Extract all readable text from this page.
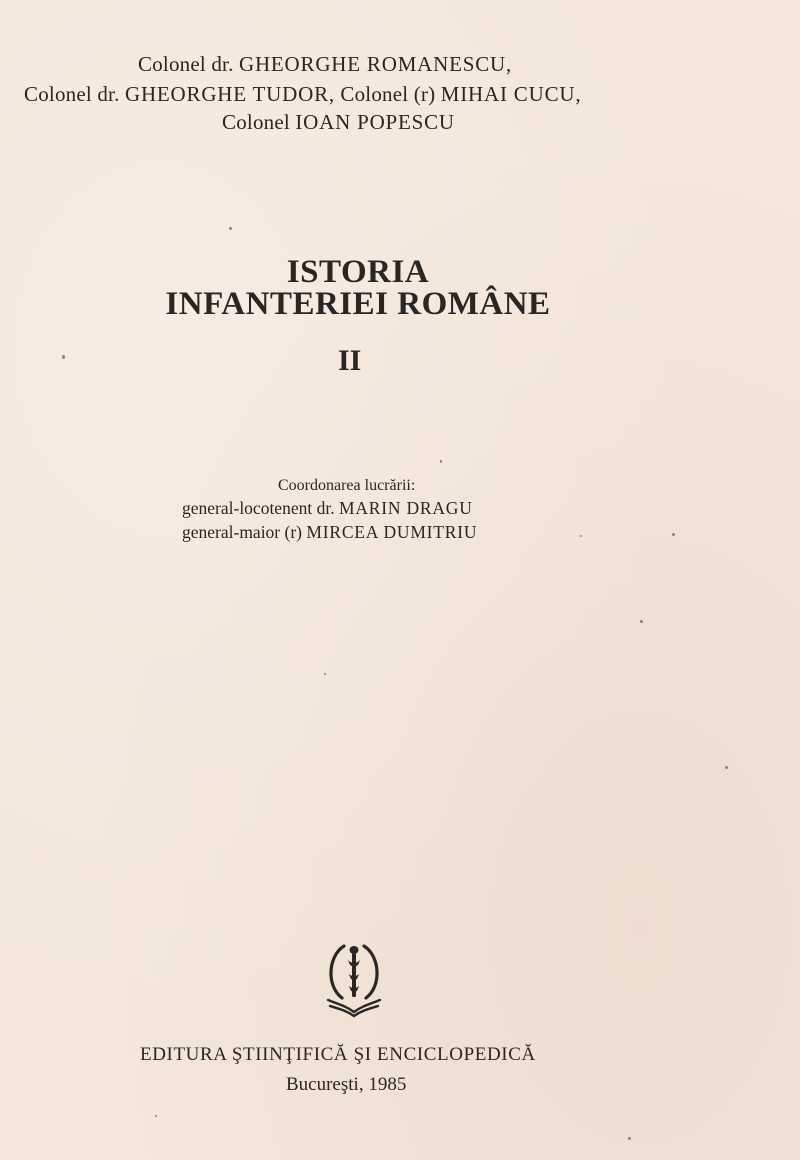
Colonel dr. GHEORGHE ROMANESCU,
Colonel dr. GHEORGHE TUDOR, Colonel (r) MIHAI CUCU,
Colonel IOAN POPESCU
ISTORIA
INFANTERIEI ROMÂNE
II
Coordonarea lucrării:
general-locotenent dr. MARIN DRAGU
general-maior (r) MIRCEA DUMITRIU
EDITURA ŞTIINŢIFICĂ ŞI ENCICLOPEDICĂ
Bucureşti, 1985
